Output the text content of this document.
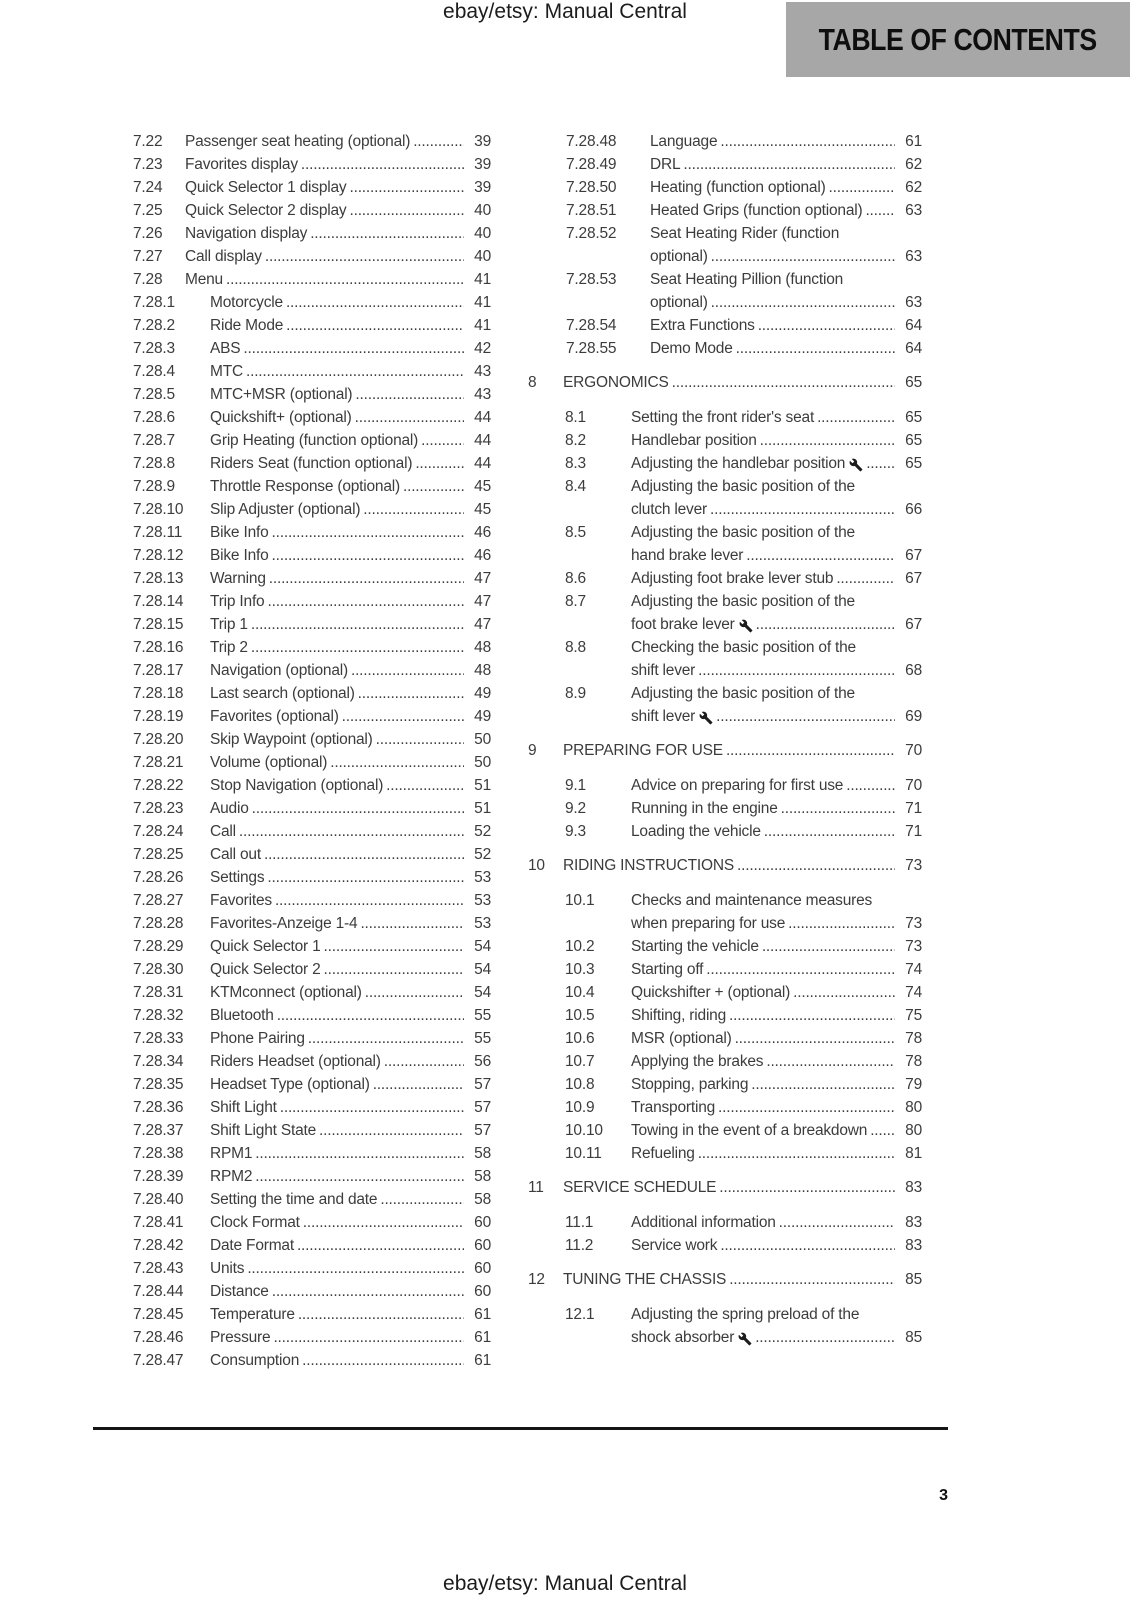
ebay/etsy: Manual Central
TABLE OF CONTENTS
7.22	Passenger seat heating (optional) .....	39
7.23	Favorites display .....	39
7.24	Quick Selector 1 display .....	39
7.25	Quick Selector 2 display .....	40
7.26	Navigation display .....	40
7.27	Call display .....	40
7.28	Menu .....	41
7.28.1	Motorcycle .....	41
7.28.2	Ride Mode .....	41
7.28.3	ABS .....	42
7.28.4	MTC .....	43
7.28.5	MTC+MSR (optional) .....	43
7.28.6	Quickshift+ (optional) .....	44
7.28.7	Grip Heating (function optional) .....	44
7.28.8	Riders Seat (function optional) .....	44
7.28.9	Throttle Response (optional) .....	45
7.28.10	Slip Adjuster (optional) .....	45
7.28.11	Bike Info .....	46
7.28.12	Bike Info .....	46
7.28.13	Warning .....	47
7.28.14	Trip Info .....	47
7.28.15	Trip 1 .....	47
7.28.16	Trip 2 .....	48
7.28.17	Navigation (optional) .....	48
7.28.18	Last search (optional) .....	49
7.28.19	Favorites (optional) .....	49
7.28.20	Skip Waypoint (optional) .....	50
7.28.21	Volume (optional) .....	50
7.28.22	Stop Navigation (optional) .....	51
7.28.23	Audio .....	51
7.28.24	Call .....	52
7.28.25	Call out .....	52
7.28.26	Settings .....	53
7.28.27	Favorites .....	53
7.28.28	Favorites-Anzeige 1-4 .....	53
7.28.29	Quick Selector 1 .....	54
7.28.30	Quick Selector 2 .....	54
7.28.31	KTMconnect (optional) .....	54
7.28.32	Bluetooth .....	55
7.28.33	Phone Pairing .....	55
7.28.34	Riders Headset (optional) .....	56
7.28.35	Headset Type (optional) .....	57
7.28.36	Shift Light .....	57
7.28.37	Shift Light State .....	57
7.28.38	RPM1 .....	58
7.28.39	RPM2 .....	58
7.28.40	Setting the time and date .....	58
7.28.41	Clock Format .....	60
7.28.42	Date Format .....	60
7.28.43	Units .....	60
7.28.44	Distance .....	60
7.28.45	Temperature .....	61
7.28.46	Pressure .....	61
7.28.47	Consumption .....	61
7.28.48	Language .....	61
7.28.49	DRL .....	62
7.28.50	Heating (function optional) .....	62
7.28.51	Heated Grips (function optional) .....	63
7.28.52	Seat Heating Rider (function
optional) .....	63
7.28.53	Seat Heating Pillion (function
optional) .....	63
7.28.54	Extra Functions .....	64
7.28.55	Demo Mode .....	64
8	ERGONOMICS .....	65
8.1	Setting the front rider's seat .....	65
8.2	Handlebar position .....	65
8.3	Adjusting the handlebar position .....	65
8.4	Adjusting the basic position of the
clutch lever .....	66
8.5	Adjusting the basic position of the
hand brake lever .....	67
8.6	Adjusting foot brake lever stub .....	67
8.7	Adjusting the basic position of the
foot brake lever .....	67
8.8	Checking the basic position of the
shift lever .....	68
8.9	Adjusting the basic position of the
shift lever .....	69
9	PREPARING FOR USE .....	70
9.1	Advice on preparing for first use .....	70
9.2	Running in the engine .....	71
9.3	Loading the vehicle .....	71
10	RIDING INSTRUCTIONS .....	73
10.1	Checks and maintenance measures
when preparing for use .....	73
10.2	Starting the vehicle .....	73
10.3	Starting off .....	74
10.4	Quickshifter + (optional) .....	74
10.5	Shifting, riding .....	75
10.6	MSR (optional) .....	78
10.7	Applying the brakes .....	78
10.8	Stopping, parking .....	79
10.9	Transporting .....	80
10.10	Towing in the event of a breakdown .....	80
10.11	Refueling .....	81
11	SERVICE SCHEDULE .....	83
11.1	Additional information .....	83
11.2	Service work .....	83
12	TUNING THE CHASSIS .....	85
12.1	Adjusting the spring preload of the
shock absorber .....	85
3
ebay/etsy: Manual Central
